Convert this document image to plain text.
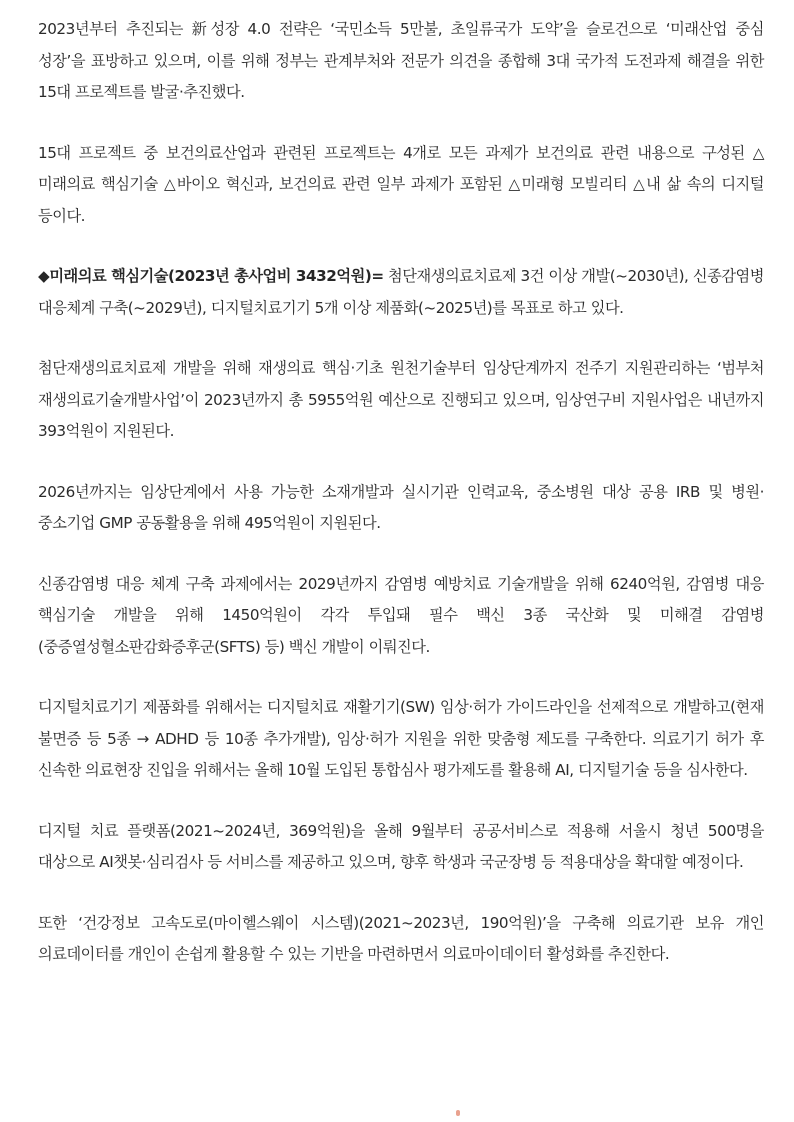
2023년부터 추진되는 新성장 4.0 전략은 ‘국민소득 5만불, 초일류국가 도약’을 슬로건으로 ‘미래산업 중심 성장’을 표방하고 있으며, 이를 위해 정부는 관계부처와 전문가 의견을 종합해 3대 국가적 도전과제 해결을 위한 15대 프로젝트를 발굴·추진했다.

15대 프로젝트 중 보건의료산업과 관련된 프로젝트는 4개로 모든 과제가 보건의료 관련 내용으로 구성된 △미래의료 핵심기술 △바이오 혁신과, 보건의료 관련 일부 과제가 포함된 △미래형 모빌리티 △내 삶 속의 디지털 등이다.

◆미래의료 핵심기술(2023년 총사업비 3432억원)= 첨단재생의료치료제 3건 이상 개발(~2030년), 신종감염병 대응체계 구축(~2029년), 디지털치료기기 5개 이상 제품화(~2025년)를 목표로 하고 있다.

첨단재생의료치료제 개발을 위해 재생의료 핵심·기초 원천기술부터 임상단계까지 전주기 지원관리하는 ‘범부처 재생의료기술개발사업’이 2023년까지 총 5955억원 예산으로 진행되고 있으며, 임상연구비 지원사업은 내년까지 393억원이 지원된다.

2026년까지는 임상단계에서 사용 가능한 소재개발과 실시기관 인력교육, 중소병원 대상 공용 IRB 및 병원·중소기업 GMP 공동활용을 위해 495억원이 지원된다.

신종감염병 대응 체계 구축 과제에서는 2029년까지 감염병 예방치료 기술개발을 위해 6240억원, 감염병 대응 핵심기술 개발을 위해 1450억원이 각각 투입돼 필수 백신 3종 국산화 및 미해결 감염병(중증열성혈소판감화증후군(SFTS) 등) 백신 개발이 이뤄진다.

디지털치료기기 제품화를 위해서는 디지털치료 재활기기(SW) 임상·허가 가이드라인을 선제적으로 개발하고(현재 불면증 등 5종 → ADHD 등 10종 추가개발), 임상·허가 지원을 위한 맞춤형 제도를 구축한다. 의료기기 허가 후 신속한 의료현장 진입을 위해서는 올해 10월 도입된 통합심사 평가제도를 활용해 AI, 디지털기술 등을 심사한다.

디지털 치료 플랫폼(2021~2024년, 369억원)을 올해 9월부터 공공서비스로 적용해 서울시 청년 500명을 대상으로 AI챗봇·심리검사 등 서비스를 제공하고 있으며, 향후 학생과 국군장병 등 적용대상을 확대할 예정이다.

또한 ‘건강정보 고속도로(마이헬스웨이 시스템)(2021~2023년, 190억원)’을 구축해 의료기관 보유 개인 의료데이터를 개인이 손쉽게 활용할 수 있는 기반을 마련하면서 의료마이데이터 활성화를 추진한다.
